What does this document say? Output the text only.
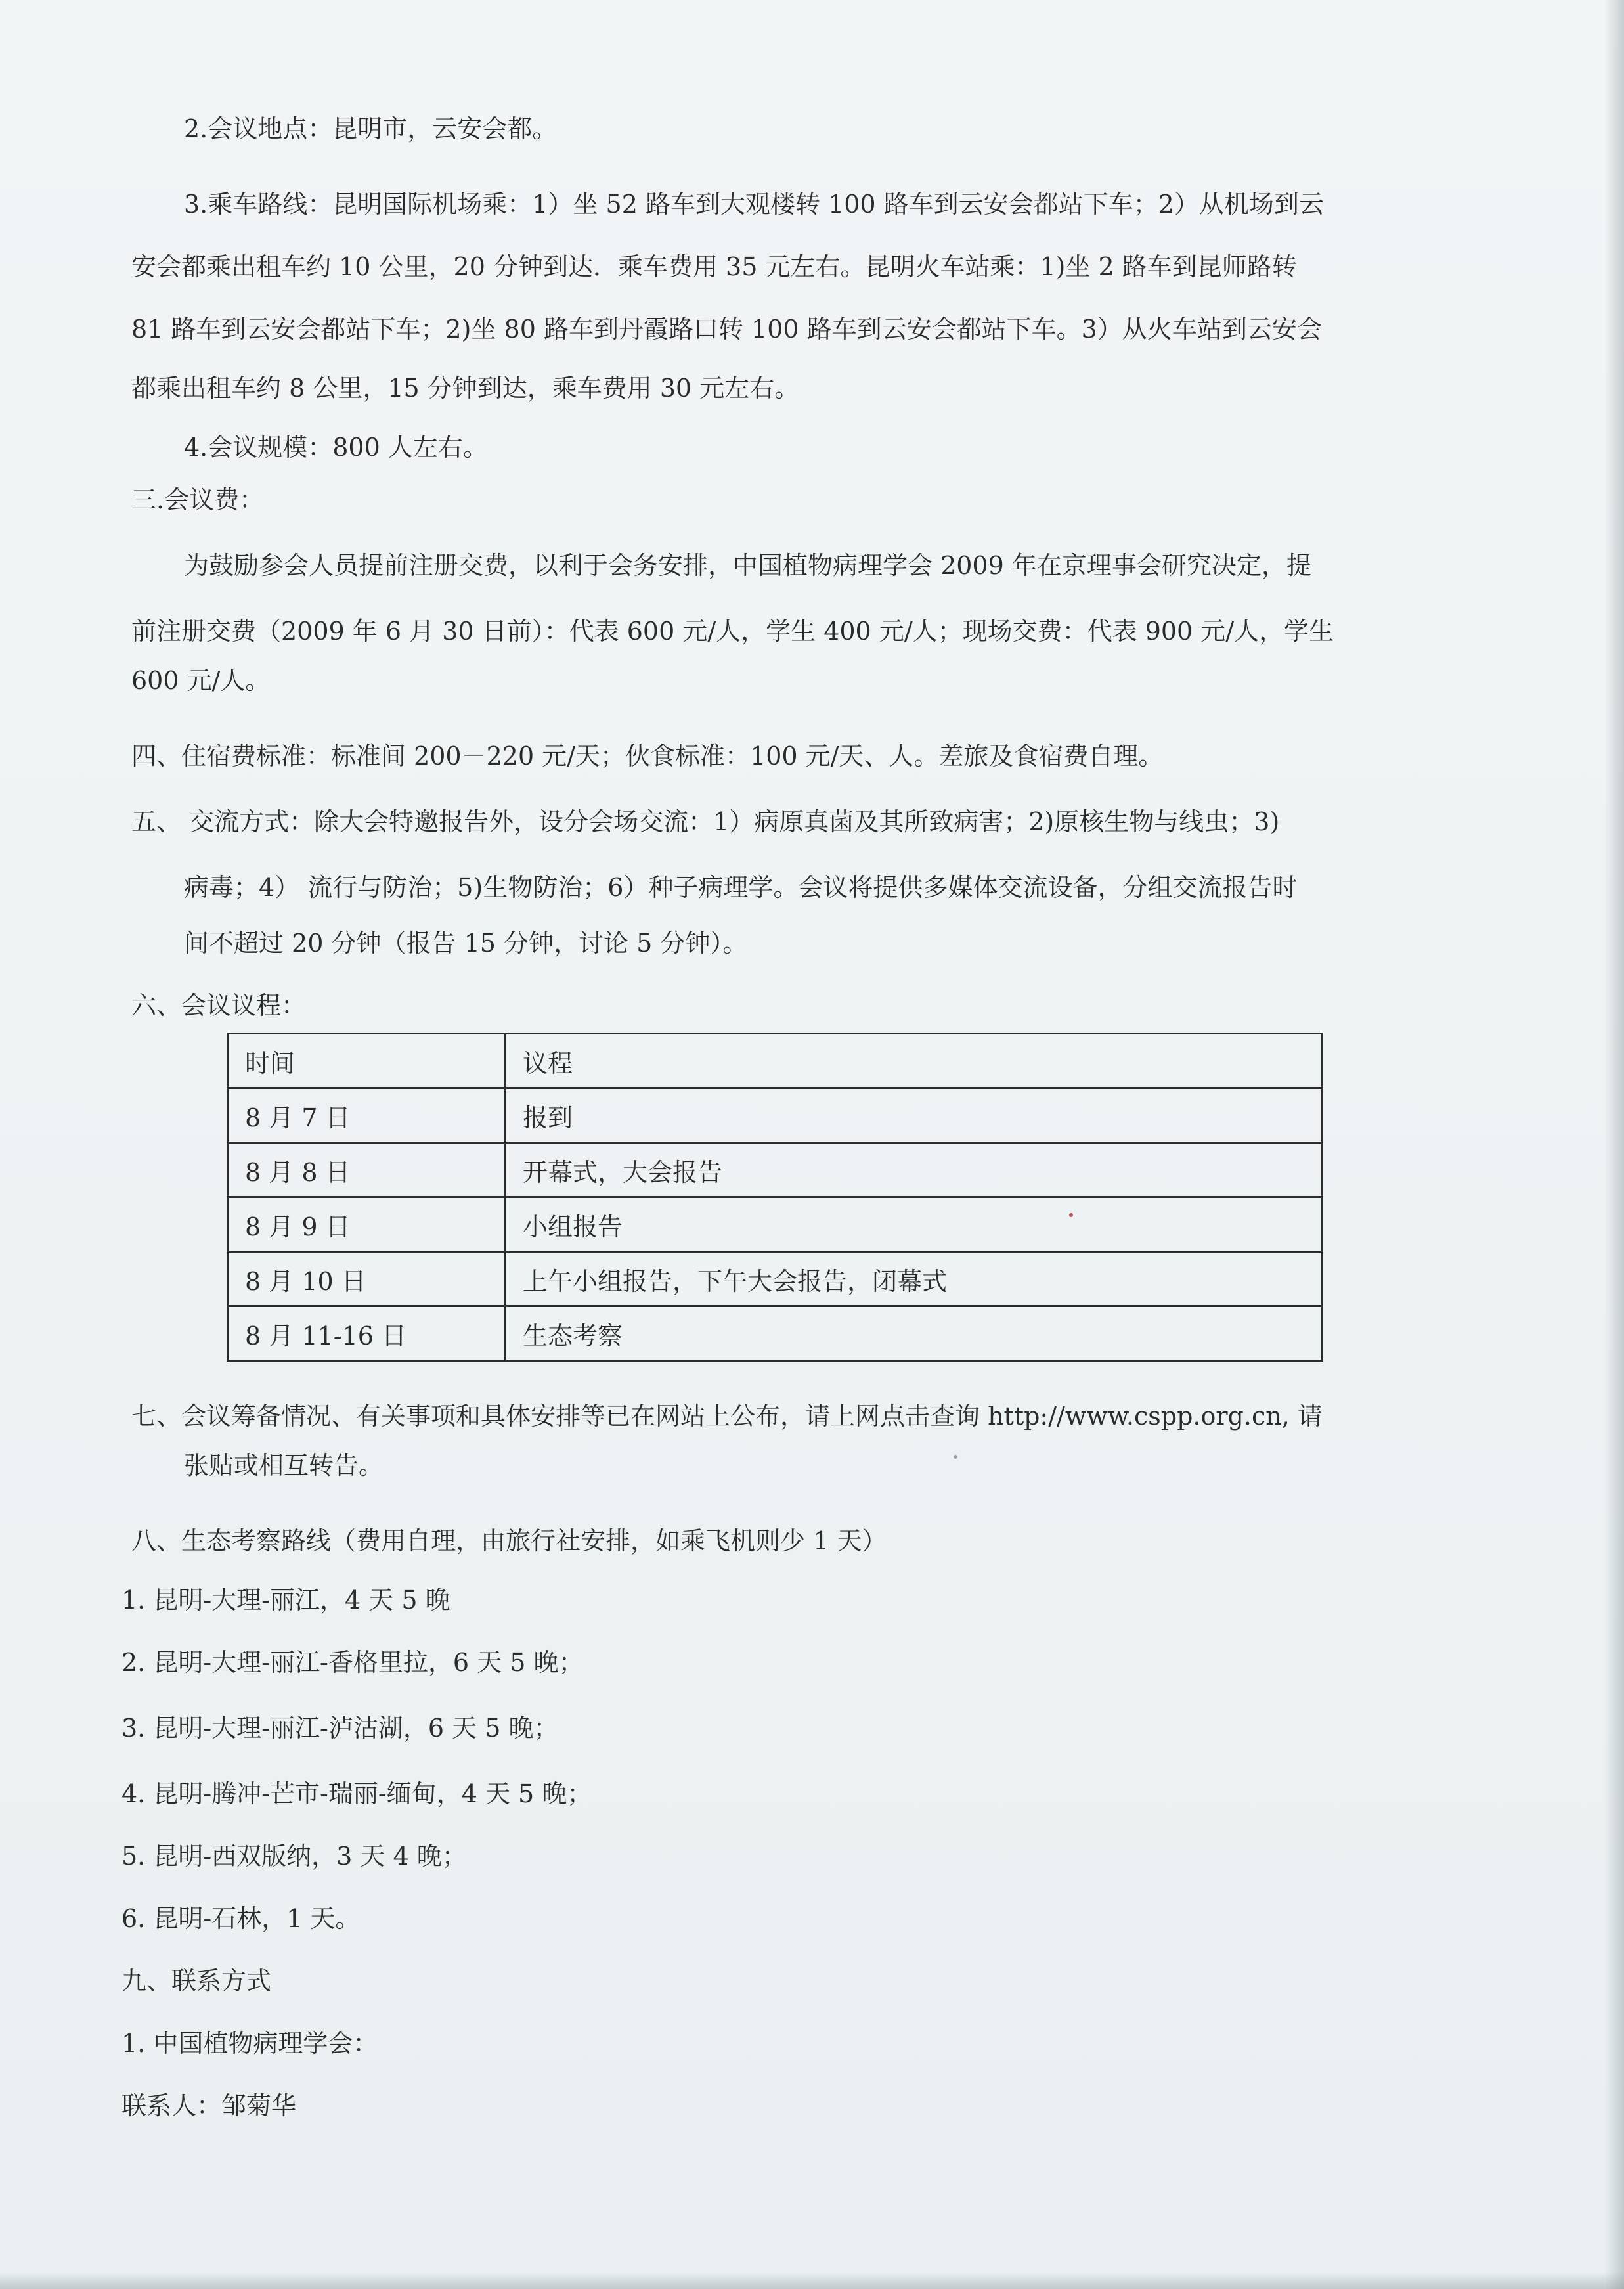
2.会议地点：昆明市，云安会都。
3.乘车路线：昆明国际机场乘：1）坐 52 路车到大观楼转 100 路车到云安会都站下车；2）从机场到云
安会都乘出租车约 10 公里，20 分钟到达．乘车费用 35 元左右。昆明火车站乘：1)坐 2 路车到昆师路转
81 路车到云安会都站下车；2)坐 80 路车到丹霞路口转 100 路车到云安会都站下车。3）从火车站到云安会
都乘出租车约 8 公里，15 分钟到达，乘车费用 30 元左右。
4.会议规模：800 人左右。
三.会议费：
为鼓励参会人员提前注册交费，以利于会务安排，中国植物病理学会 2009 年在京理事会研究决定，提
前注册交费（2009 年 6 月 30 日前）：代表 600 元/人，学生 400 元/人；现场交费：代表 900 元/人，学生
600 元/人。
四、住宿费标准：标准间 200－220 元/天；伙食标准：100 元/天、人。差旅及食宿费自理。
五、 交流方式：除大会特邀报告外，设分会场交流：1）病原真菌及其所致病害；2)原核生物与线虫；3)
病毒；4） 流行与防治；5)生物防治；6）种子病理学。会议将提供多媒体交流设备，分组交流报告时
间不超过 20 分钟（报告 15 分钟，讨论 5 分钟）。
六、会议议程：
时间	议程
8 月 7 日	报到
8 月 8 日	开幕式，大会报告
8 月 9 日	小组报告
8 月 10 日	上午小组报告，下午大会报告，闭幕式
8 月 11-16 日	生态考察
七、会议筹备情况、有关事项和具体安排等已在网站上公布，请上网点击查询 http://www.cspp.org.cn, 请
张贴或相互转告。
八、生态考察路线（费用自理，由旅行社安排，如乘飞机则少 1 天）
1. 昆明-大理-丽江，4 天 5 晚
2. 昆明-大理-丽江-香格里拉，6 天 5 晚；
3. 昆明-大理-丽江-泸沽湖，6 天 5 晚；
4. 昆明-腾冲-芒市-瑞丽-缅甸，4 天 5 晚；
5. 昆明-西双版纳，3 天 4 晚；
6. 昆明-石林，1 天。
九、联系方式
1. 中国植物病理学会：
联系人：邹菊华
